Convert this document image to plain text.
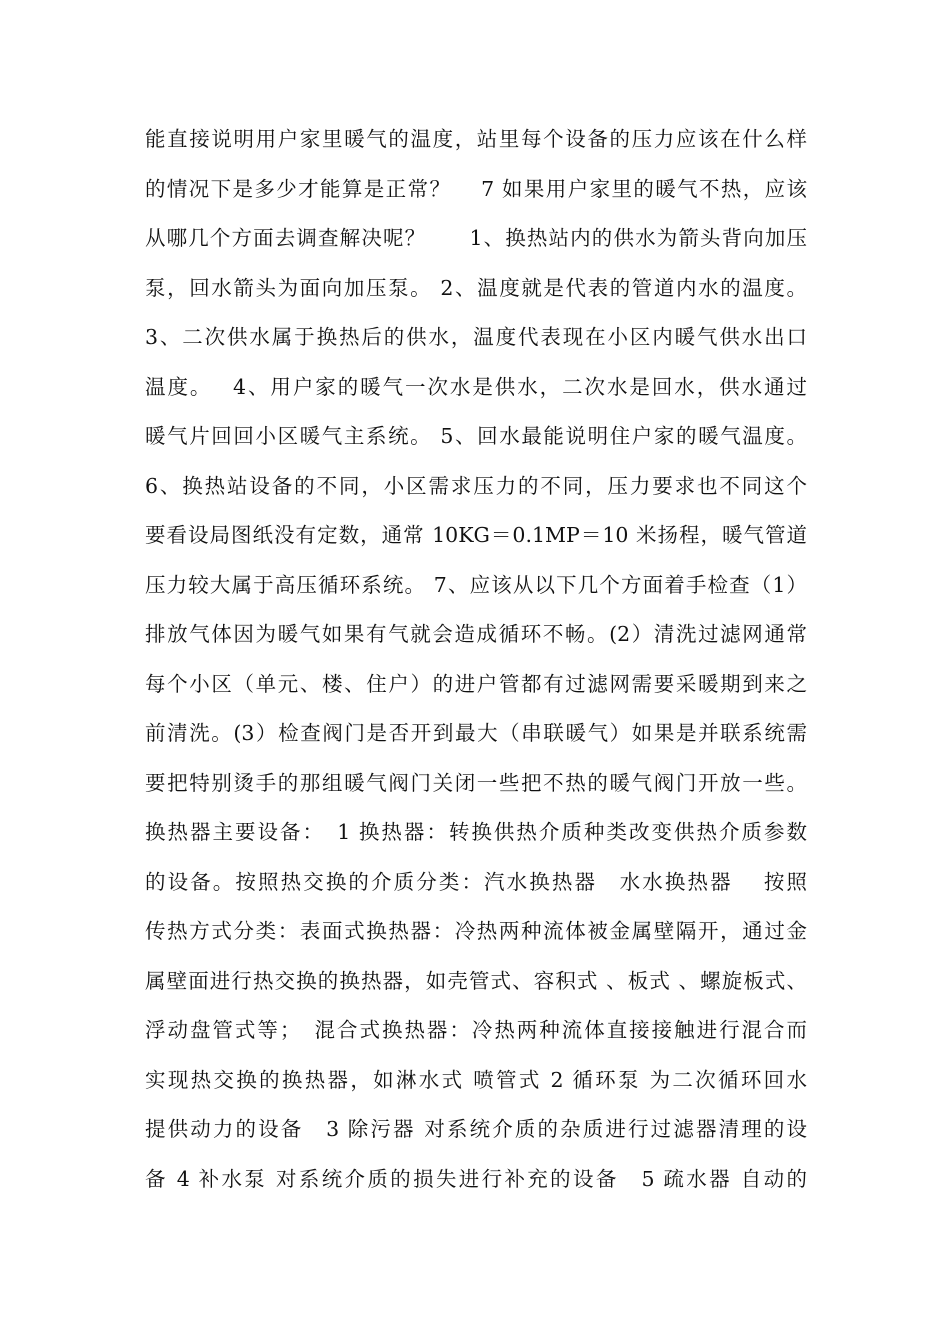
能直接说明用户家里暖气的温度，站里每个设备的压力应该在什么样
的情况下是多少才能算是正常？　 7 如果用户家里的暖气不热，应该
从哪几个方面去调查解决呢？　　1、换热站内的供水为箭头背向加压
泵，回水箭头为面向加压泵。 2、温度就是代表的管道内水的温度。
3、二次供水属于换热后的供水，温度代表现在小区内暖气供水出口
温度。　 4、用户家的暖气一次水是供水，二次水是回水，供水通过
暖气片回回小区暖气主系统。 5、回水最能说明住户家的暖气温度。
6、换热站设备的不同，小区需求压力的不同，压力要求也不同这个
要看设局图纸没有定数，通常 10KG＝0.1MP＝10 米扬程，暖气管道
压力较大属于高压循环系统。 7、应该从以下几个方面着手检查（1）
排放气体因为暖气如果有气就会造成循环不畅。(2）清洗过滤网通常
每个小区（单元、楼、住户）的进户管都有过滤网需要采暖期到来之
前清洗。(3）检查阀门是否开到最大（串联暖气）如果是并联系统需
要把特别烫手的那组暖气阀门关闭一些把不热的暖气阀门开放一些。
换热器主要设备：　1 换热器：转换供热介质种类改变供热介质参数
的设备。按照热交换的介质分类：汽水换热器　水水换热器　 按照
传热方式分类：表面式换热器：冷热两种流体被金属壁隔开，通过金
属壁面进行热交换的换热器，如壳管式、容积式 、板式 、螺旋板式、
浮动盘管式等；　混合式换热器：冷热两种流体直接接触进行混合而
实现热交换的换热器，如淋水式 喷管式 2 循环泵 为二次循环回水
提供动力的设备　3 除污器 对系统介质的杂质进行过滤器清理的设
备 4 补水泵 对系统介质的损失进行补充的设备　5 疏水器 自动的
